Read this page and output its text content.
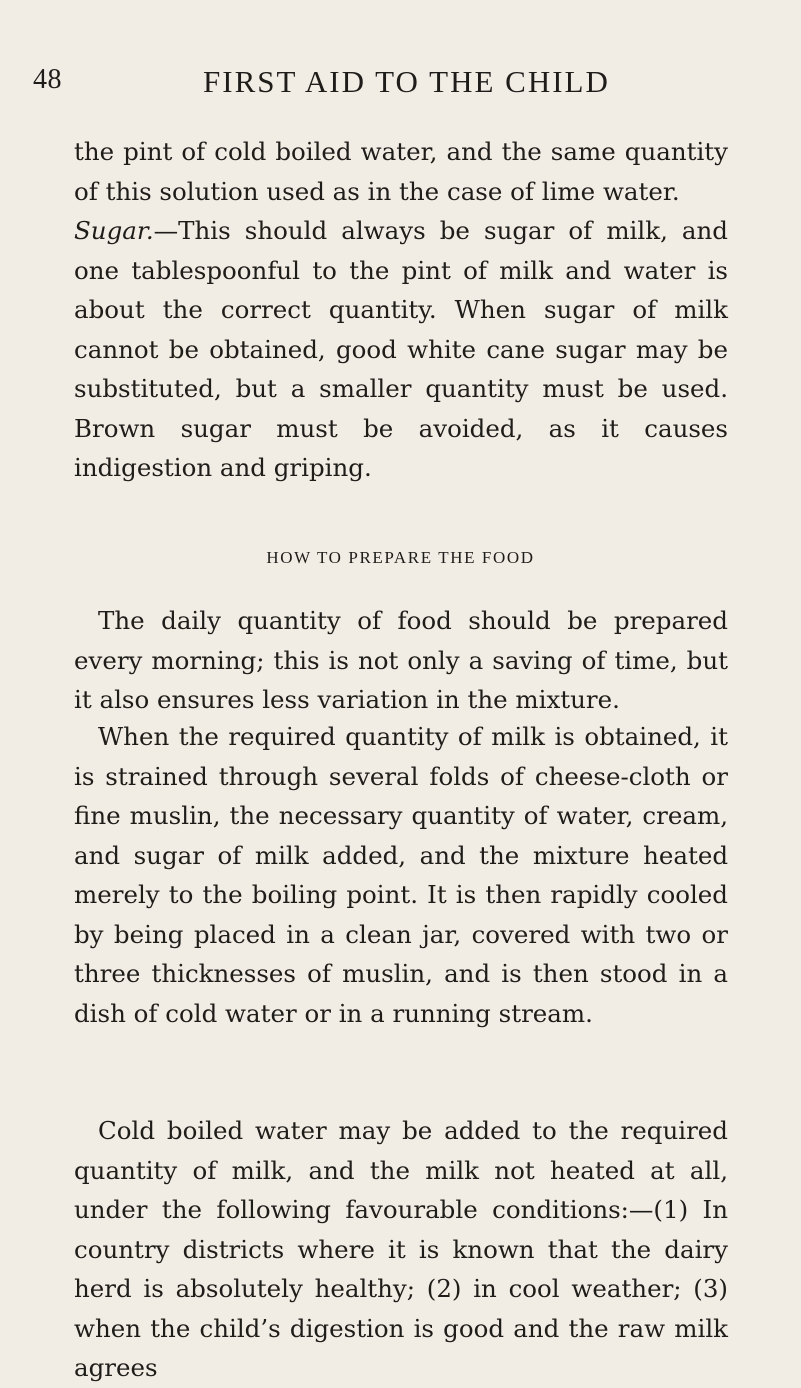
48	FIRST AID TO THE CHILD

the pint of cold boiled water, and the same quantity of this solution used as in the case of lime water.

Sugar.—This should always be sugar of milk, and one tablespoonful to the pint of milk and water is about the correct quantity. When sugar of milk cannot be obtained, good white cane sugar may be substituted, but a smaller quantity must be used. Brown sugar must be avoided, as it causes indigestion and griping.

HOW TO PREPARE THE FOOD

The daily quantity of food should be prepared every morning; this is not only a saving of time, but it also ensures less variation in the mixture.

When the required quantity of milk is obtained, it is strained through several folds of cheese-cloth or fine muslin, the necessary quantity of water, cream, and sugar of milk added, and the mixture heated merely to the boiling point. It is then rapidly cooled by being placed in a clean jar, covered with two or three thicknesses of muslin, and is then stood in a dish of cold water or in a running stream.

Cold boiled water may be added to the required quantity of milk, and the milk not heated at all, under the following favourable conditions:—(1) In country districts where it is known that the dairy herd is absolutely healthy; (2) in cool weather; (3) when the child’s digestion is good and the raw milk agrees
